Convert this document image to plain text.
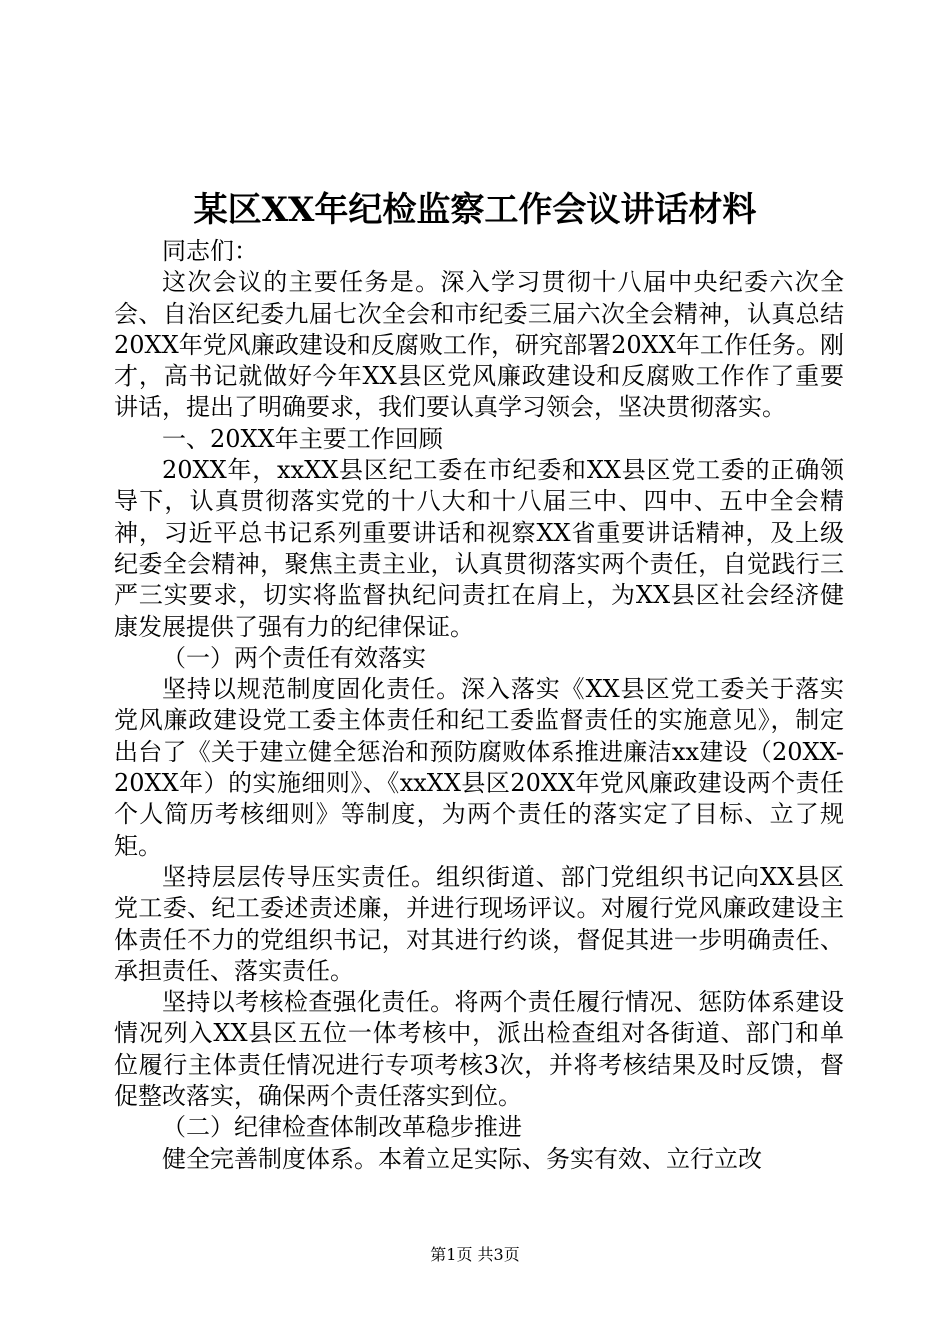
某区XX年纪检监察工作会议讲话材料

同志们：

这次会议的主要任务是。深入学习贯彻十八届中央纪委六次全会、自治区纪委九届七次全会和市纪委三届六次全会精神，认真总结20XX年党风廉政建设和反腐败工作，研究部署20XX年工作任务。刚才，高书记就做好今年XX县区党风廉政建设和反腐败工作作了重要讲话，提出了明确要求，我们要认真学习领会，坚决贯彻落实。

一、20XX年主要工作回顾

20XX年，xxXX县区纪工委在市纪委和XX县区党工委的正确领导下，认真贯彻落实党的十八大和十八届三中、四中、五中全会精神，习近平总书记系列重要讲话和视察XX省重要讲话精神，及上级纪委全会精神，聚焦主责主业，认真贯彻落实两个责任，自觉践行三严三实要求，切实将监督执纪问责扛在肩上，为XX县区社会经济健康发展提供了强有力的纪律保证。

（一）两个责任有效落实

坚持以规范制度固化责任。深入落实《XX县区党工委关于落实党风廉政建设党工委主体责任和纪工委监督责任的实施意见》，制定出台了《关于建立健全惩治和预防腐败体系推进廉洁xx建设（20XX-20XX年）的实施细则》、《xxXX县区20XX年党风廉政建设两个责任个人简历考核细则》等制度，为两个责任的落实定了目标、立了规矩。

坚持层层传导压实责任。组织街道、部门党组织书记向XX县区党工委、纪工委述责述廉，并进行现场评议。对履行党风廉政建设主体责任不力的党组织书记，对其进行约谈，督促其进一步明确责任、承担责任、落实责任。

坚持以考核检查强化责任。将两个责任履行情况、惩防体系建设情况列入XX县区五位一体考核中，派出检查组对各街道、部门和单位履行主体责任情况进行专项考核3次，并将考核结果及时反馈，督促整改落实，确保两个责任落实到位。

（二）纪律检查体制改革稳步推进

健全完善制度体系。本着立足实际、务实有效、立行立改

第1页 共3页
